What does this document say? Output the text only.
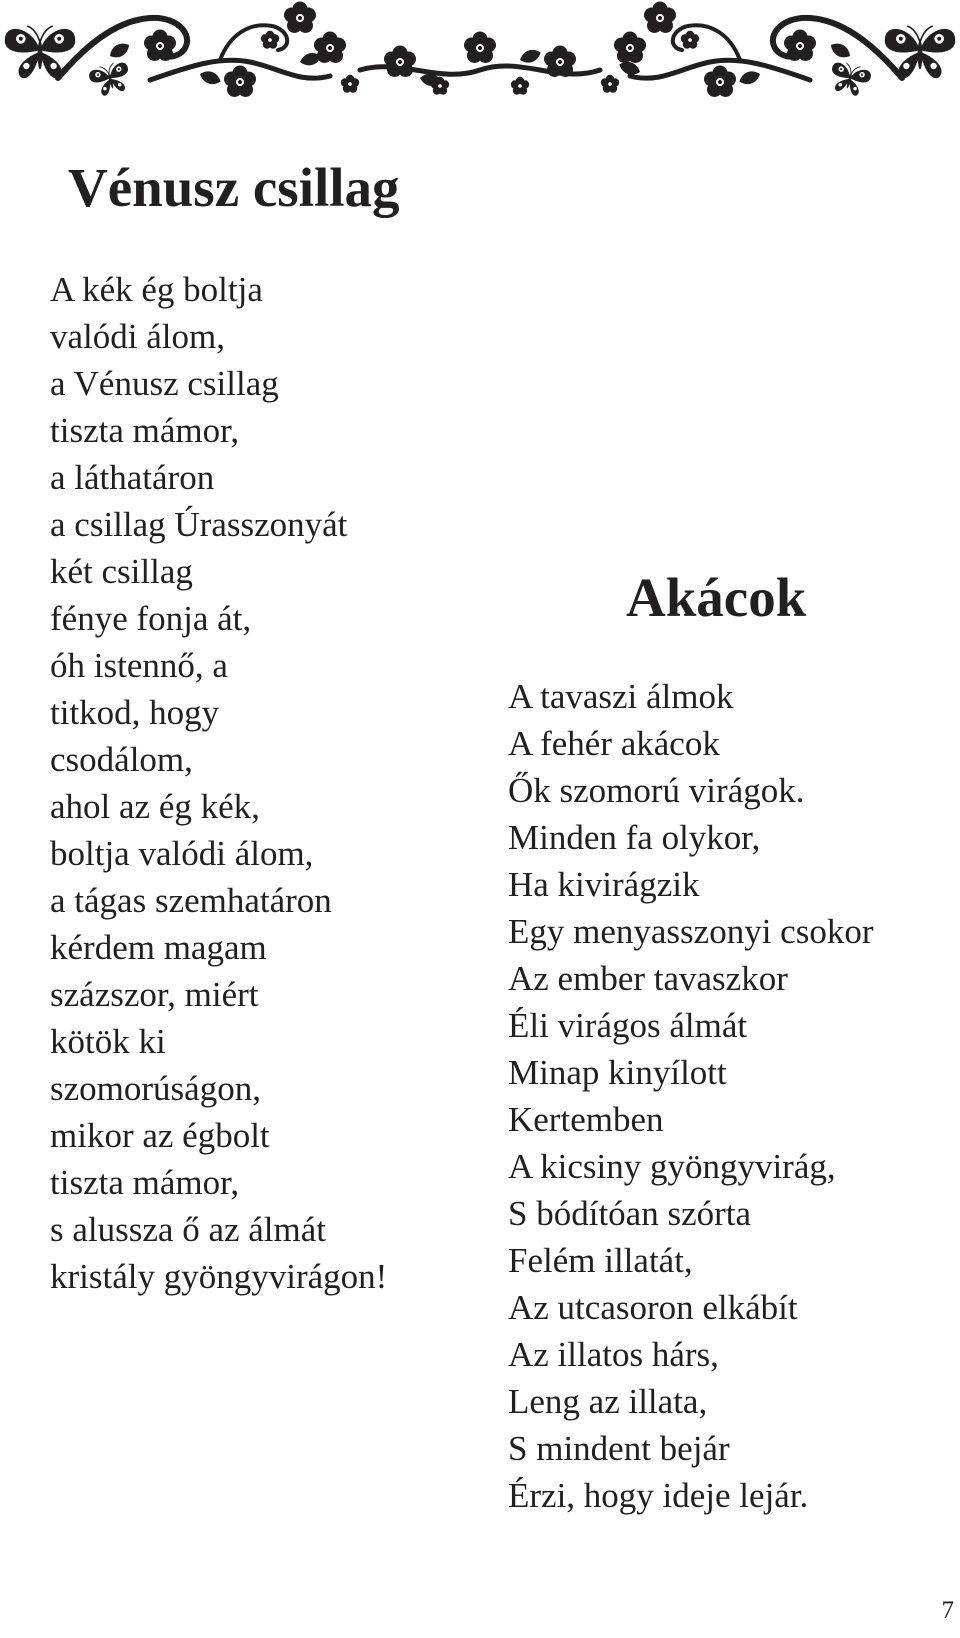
Vénusz csillag
A kék ég boltja
valódi álom,
a Vénusz csillag
tiszta mámor,
a láthatáron
a csillag Úrasszonyát
két csillag
fénye fonja át,
óh istennő, a
titkod, hogy
csodálom,
ahol az ég kék,
boltja valódi álom,
a tágas szemhatáron
kérdem magam
százszor, miért
kötök ki
szomorúságon,
mikor az égbolt
tiszta mámor,
s alussza ő az álmát
kristály gyöngyvirágon!
Akácok
A tavaszi álmok
A fehér akácok
Ők szomorú virágok.
Minden fa olykor,
Ha kivirágzik
Egy menyasszonyi csokor
Az ember tavaszkor
Éli virágos álmát
Minap kinyílott
Kertemben
A kicsiny gyöngyvirág,
S bódítóan szórta
Felém illatát,
Az utcasoron elkábít
Az illatos hárs,
Leng az illata,
S mindent bejár
Érzi, hogy ideje lejár.
7
